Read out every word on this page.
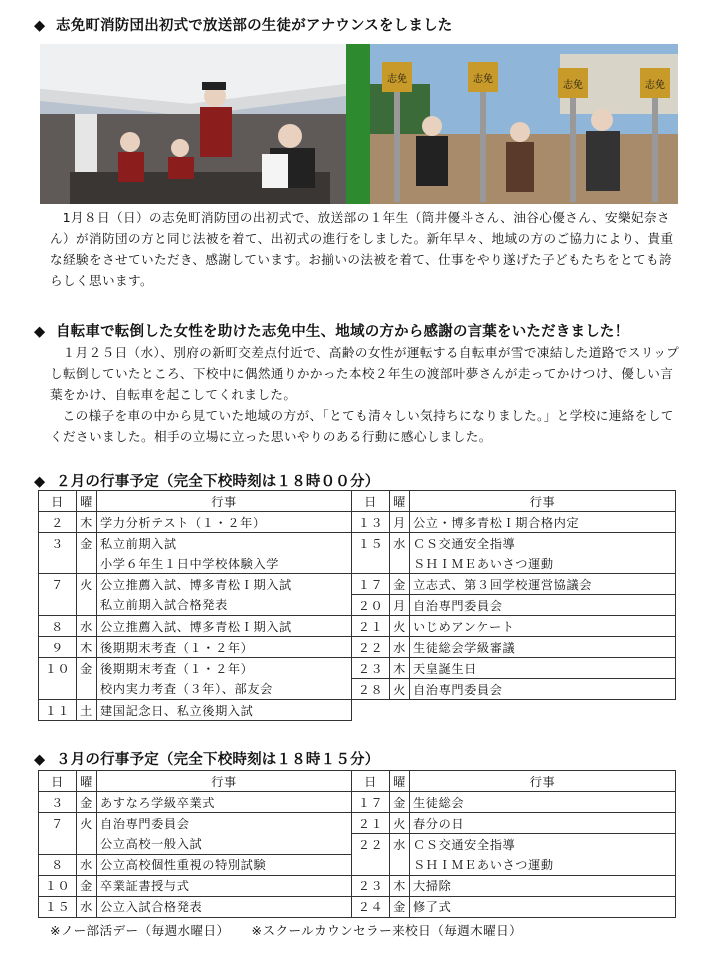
◆ 志免町消防団出初式で放送部の生徒がアナウンスをしました
志免	志免
志免	志免

1月８日（日）の志免町消防団の出初式で、放送部の１年生（筒井優斗さん、油谷心優さん、安樂妃奈さん）が消防団の方と同じ法被を着て、出初式の進行をしました。新年早々、地域の方のご協力により、貴重な経験をさせていただき、感謝しています。お揃いの法被を着て、仕事をやり遂げた子どもたちをとても誇らしく思います。

◆ 自転車で転倒した女性を助けた志免中生、地域の方から感謝の言葉をいただきました！

１月２５日（水）、別府の新町交差点付近で、高齢の女性が運転する自転車が雪で凍結した道路でスリップし転倒していたところ、下校中に偶然通りかかった本校２年生の渡部叶夢さんが走ってかけつけ、優しい言葉をかけ、自転車を起こしてくれました。

この様子を車の中から見ていた地域の方が、「とても清々しい気持ちになりました。」と学校に連絡をしてくださいました。相手の立場に立った思いやりのある行動に感心しました。

◆ ２月の行事予定（完全下校時刻は１８時００分）
日	曜	行事	日	曜	行事
２	木	学力分析テスト（１・２年）	１３	月	公立・博多青松Ｉ期合格内定
３	金	私立前期入試	１５	水	ＣＳ交通安全指導
		小学６年生１日中学校体験入学			ＳＨＩＭＥあいさつ運動
７	火	公立推薦入試、博多青松Ｉ期入試	１７	金	立志式、第３回学校運営協議会
		私立前期入試合格発表	２０	月	自治専門委員会
８	水	公立推薦入試、博多青松Ｉ期入試	２１	火	いじめアンケート
９	木	後期期末考査（１・２年）	２２	水	生徒総会学級審議
１０	金	後期期末考査（１・２年）	２３	木	天皇誕生日
		校内実力考査（３年）、部友会	２８	火	自治専門委員会
１１	土	建国記念日、私立後期入試			
◆ ３月の行事予定（完全下校時刻は１８時１５分）
日	曜	行事	日	曜	行事
３	金	あすなろ学級卒業式	１７	金	生徒総会
７	火	自治専門委員会	２１	火	春分の日
		公立高校一般入試	２２	水	ＣＳ交通安全指導
８	水	公立高校個性重視の特別試験			ＳＨＩＭＥあいさつ運動
１０	金	卒業証書授与式	２３	木	大掃除
１５	水	公立入試合格発表	２４	金	修了式
※ノー部活デー（毎週水曜日） ※スクールカウンセラー来校日（毎週木曜日）
